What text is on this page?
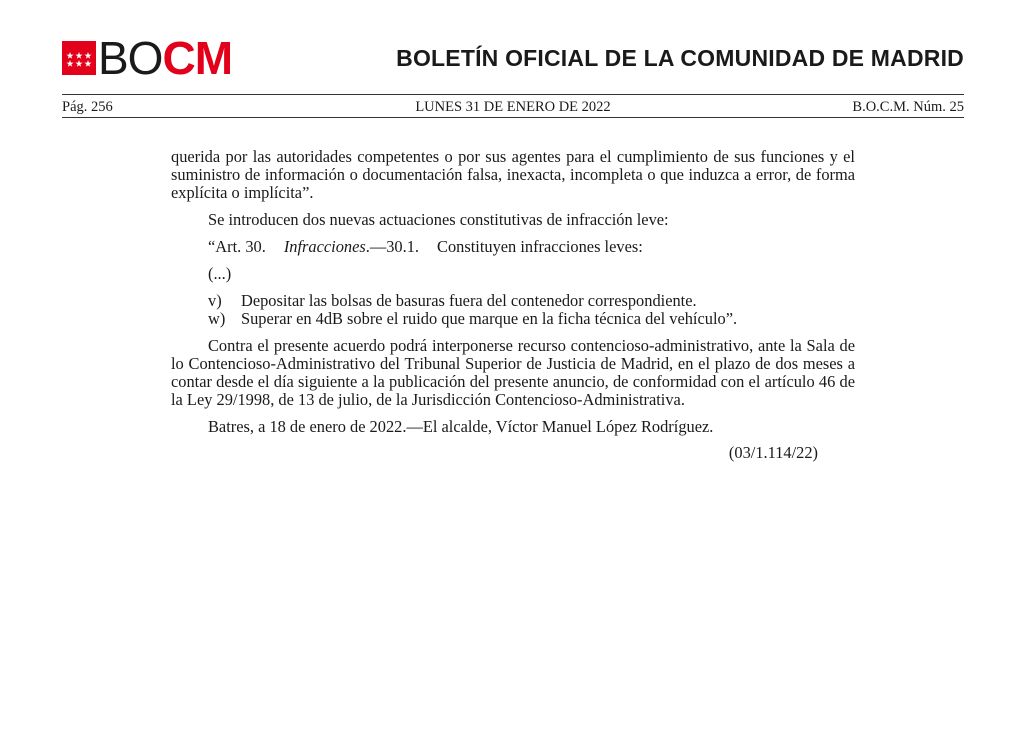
BO CM	BOLETÍN OFICIAL DE LA COMUNIDAD DE MADRID
Pág. 256	LUNES 31 DE ENERO DE 2022	B.O.C.M. Núm. 25

querida por las autoridades competentes o por sus agentes para el cumplimiento de sus funciones y el suministro de información o documentación falsa, inexacta, incompleta o que induzca a error, de forma explícita o implícita”.

Se introducen dos nuevas actuaciones constitutivas de infracción leve:

“Art. 30. Infracciones.—30.1. Constituyen infracciones leves:

(...)

v)	Depositar las bolsas de basuras fuera del contenedor correspondiente.
w) Superar en 4dB sobre el ruido que marque en la ficha técnica del vehículo”.

Contra el presente acuerdo podrá interponerse recurso contencioso-administrativo, ante la Sala de lo Contencioso-Administrativo del Tribunal Superior de Justicia de Madrid, en el plazo de dos meses a contar desde el día siguiente a la publicación del presente anuncio, de conformidad con el artículo 46 de la Ley 29/1998, de 13 de julio, de la Jurisdicción Contencioso-Administrativa.

Batres, a 18 de enero de 2022.—El alcalde, Víctor Manuel López Rodríguez.

(03/1.114/22)
